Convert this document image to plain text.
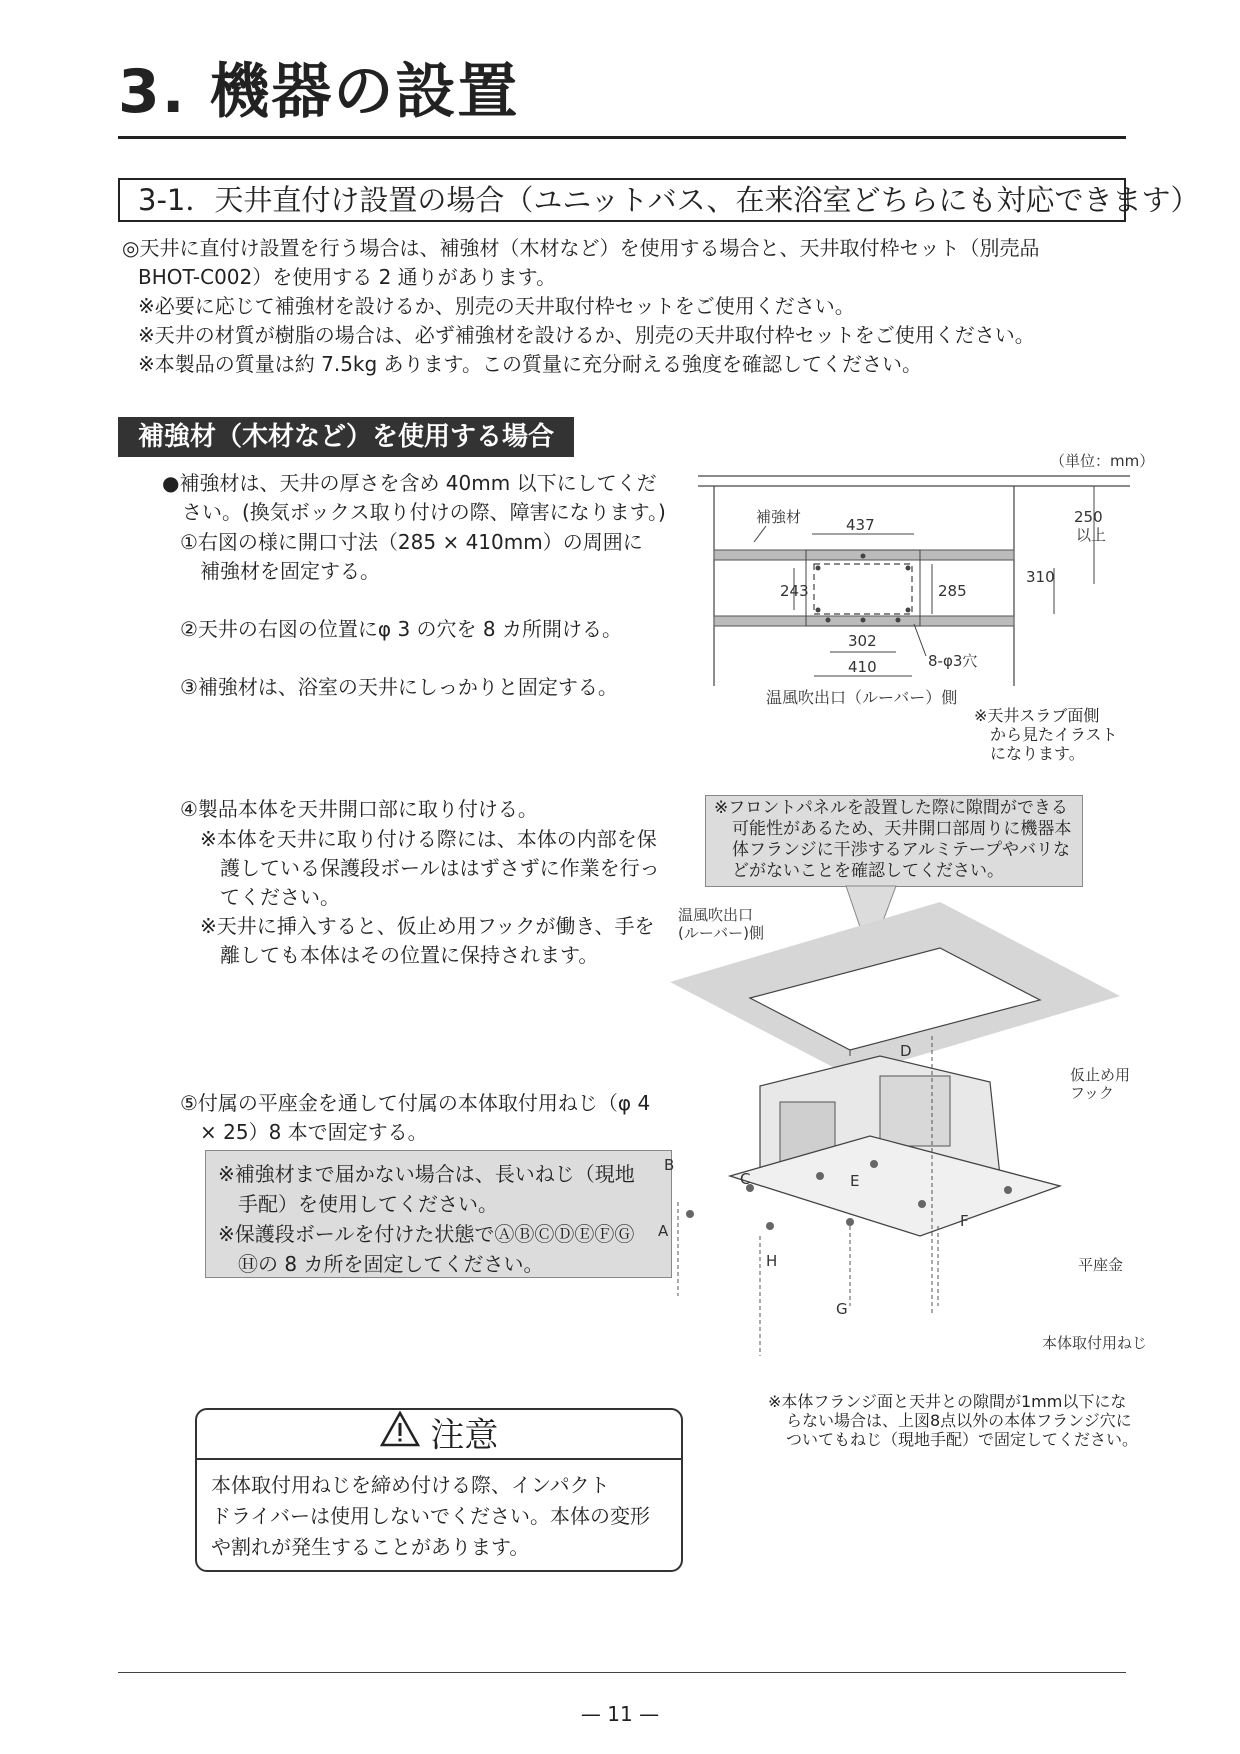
3. 機器の設置
3-1．天井直付け設置の場合（ユニットバス、在来浴室どちらにも対応できます）
◎天井に直付け設置を行う場合は、補強材（木材など）を使用する場合と、天井取付枠セット（別売品
BHOT-C002）を使用する 2 通りがあります。
※必要に応じて補強材を設けるか、別売の天井取付枠セットをご使用ください。
※天井の材質が樹脂の場合は、必ず補強材を設けるか、別売の天井取付枠セットをご使用ください。
※本製品の質量は約 7.5kg あります。この質量に充分耐える強度を確認してください。
補強材（木材など）を使用する場合
●補強材は、天井の厚さを含め 40mm 以下にしてくだ
さい。(換気ボックス取り付けの際、障害になります。)
①右図の様に開口寸法（285 × 410mm）の周囲に
補強材を固定する。
②天井の右図の位置にφ 3 の穴を 8 カ所開ける。
③補強材は、浴室の天井にしっかりと固定する。
④製品本体を天井開口部に取り付ける。
※本体を天井に取り付ける際には、本体の内部を保
護している保護段ボールははずさずに作業を行っ
てください。
※天井に挿入すると、仮止め用フックが働き、手を
離しても本体はその位置に保持されます。
⑤付属の平座金を通して付属の本体取付用ねじ（φ 4
× 25）8 本で固定する。
※補強材まで届かない場合は、長いねじ（現地
手配）を使用してください。
※保護段ボールを付けた状態でⒶⒷⒸⒹⒺⒻⒼ
Ⓗの 8 カ所を固定してください。
注意
本体取付用ねじを締め付ける際、インパクト
ドライバーは使用しないでください。本体の変形
や割れが発生することがあります。
補強材	437
243	285
310
250
以上
302
410	8-φ3穴
（単位：mm）
温風吹出口（ルーバー）側
※天井スラブ面側
から見たイラスト
になります。
※フロントパネルを設置した際に隙間ができる
可能性があるため、天井開口部周りに機器本
体フランジに干渉するアルミテープやバリな
どがないことを確認してください。
A
B
C
D
E
F
G
H
温風吹出口
(ルーバー)側
仮止め用
フック
平座金
本体取付用ねじ
※本体フランジ面と天井との隙間が1mm以下にな
らない場合は、上図8点以外の本体フランジ穴に
ついてもねじ（現地手配）で固定してください。
— 11 —
